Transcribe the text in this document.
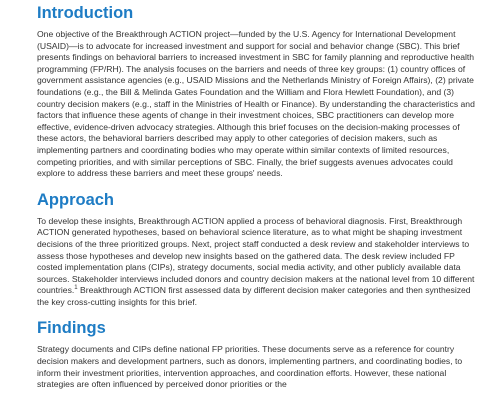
Introduction

One objective of the Breakthrough ACTION project—funded by the U.S. Agency for International Development (USAID)—is to advocate for increased investment and support for social and behavior change (SBC). This brief presents findings on behavioral barriers to increased investment in SBC for family planning and reproductive health programming (FP/RH). The analysis focuses on the barriers and needs of three key groups: (1) country offices of government assistance agencies (e.g., USAID Missions and the Netherlands Ministry of Foreign Affairs), (2) private foundations (e.g., the Bill & Melinda Gates Foundation and the William and Flora Hewlett Foundation), and (3) country decision makers (e.g., staff in the Ministries of Health or Finance). By understanding the characteristics and factors that influence these agents of change in their investment choices, SBC practitioners can develop more effective, evidence-driven advocacy strategies. Although this brief focuses on the decision-making processes of these actors, the behavioral barriers described may apply to other categories of decision makers, such as implementing partners and coordinating bodies who may operate within similar contexts of limited resources, competing priorities, and with similar perceptions of SBC. Finally, the brief suggests avenues advocates could explore to address these barriers and meet these groups' needs.

Approach

To develop these insights, Breakthrough ACTION applied a process of behavioral diagnosis. First, Breakthrough ACTION generated hypotheses, based on behavioral science literature, as to what might be shaping investment decisions of the three prioritized groups. Next, project staff conducted a desk review and stakeholder interviews to assess those hypotheses and develop new insights based on the gathered data. The desk review included FP costed implementation plans (CIPs), strategy documents, social media activity, and other publicly available data sources. Stakeholder interviews included donors and country decision makers at the national level from 10 different countries.$^1$ Breakthrough ACTION first assessed data by different decision maker categories and then synthesized the key cross-cutting insights for this brief.

Findings

Strategy documents and CIPs define national FP priorities. These documents serve as a reference for country decision makers and development partners, such as donors, implementing partners, and coordinating bodies, to inform their investment priorities, intervention approaches, and coordination efforts. However, these national strategies are often influenced by perceived donor priorities or the
